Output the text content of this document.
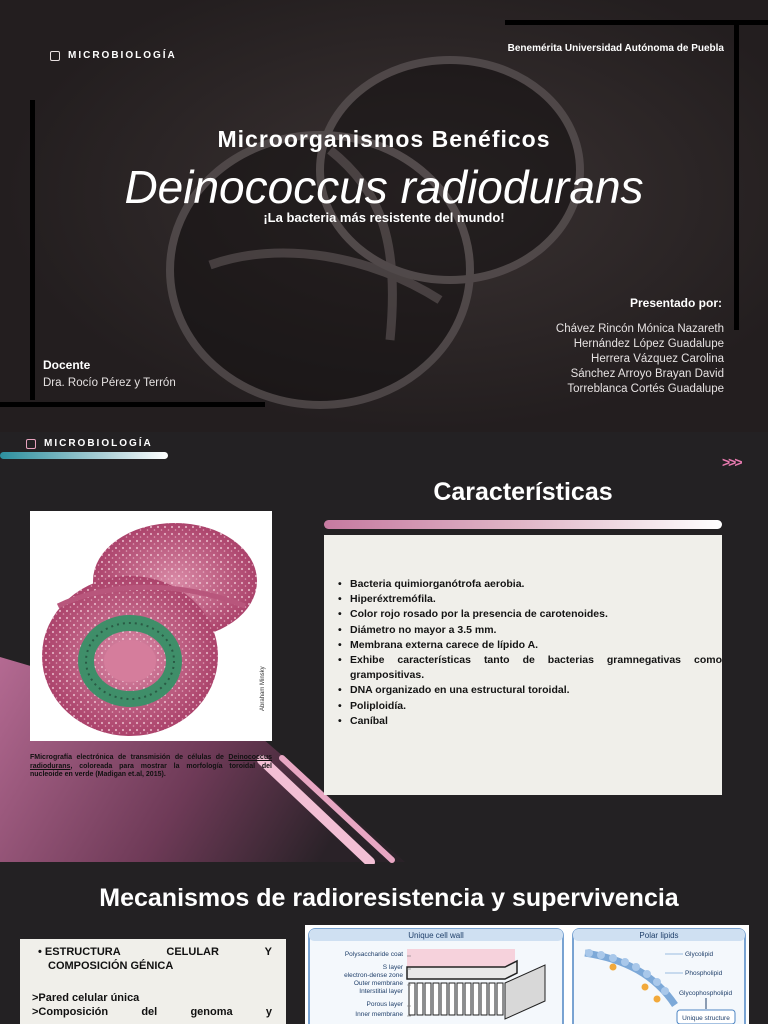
MICROBIOLOGÍA
Benemérita Universidad Autónoma de Puebla
Microorganismos Benéficos
Deinococcus radiodurans
¡La bacteria más resistente del mundo!
Presentado por:
Chávez Rincón Mónica Nazareth
Hernández López Guadalupe
Herrera Vázquez Carolina
Sánchez Arroyo Brayan David
Torreblanca Cortés Guadalupe
Docente
Dra. Rocío Pérez y Terrón
MICROBIOLOGÍA
>>>
Características
Abraham Minsky
FMicrografía electrónica de transmisión de células de Deinococcus radiodurans, coloreada para mostrar la morfología toroidal del nucleoide en verde (Madigan et.al, 2015).
• Bacteria quimiorganótrofa aerobia.
• Hiperéxtremófila.
• Color rojo rosado por la presencia de carotenoides.
• Diámetro no mayor a 3.5 mm.
• Membrana externa carece de lípido A.
• Exhibe características tanto de bacterias gramnegativas como grampositivas.
• DNA organizado en una estructural toroidal.
• Poliploidía.
• Caníbal
Mecanismos de radioresistencia y supervivencia
• ESTRUCTURA	CELULAR	Y
COMPOSICIÓN GÉNICA
>Pared celular única
>Composición	del	genoma	y
Unique cell wall
Polysaccharide coat
S layer
electron-dense zone
Outer membrane
Interstitial layer
Porous layer
Inner membrane
Polar lipids
Glycolipid
Phospholipid
Glycophospholipid
Unique structure
